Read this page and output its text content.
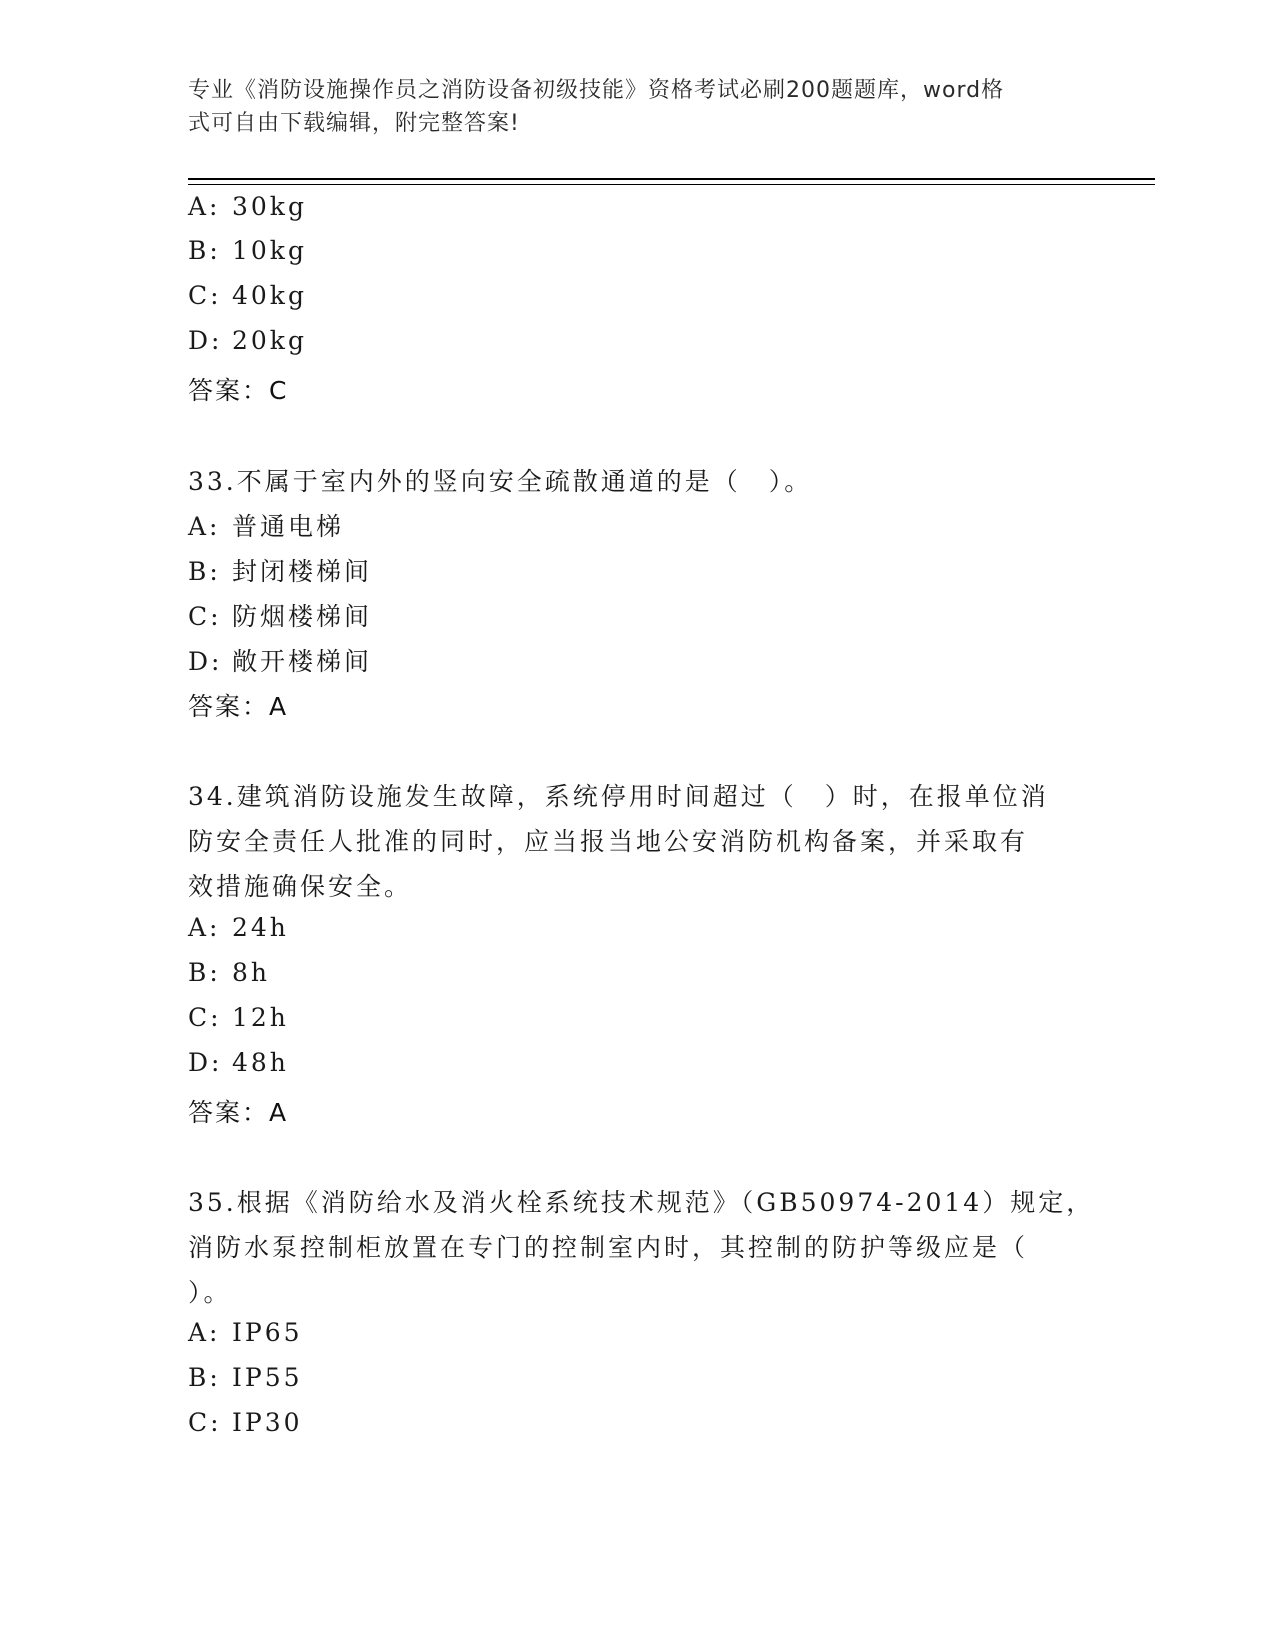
专业《消防设施操作员之消防设备初级技能》资格考试必刷200题题库，word格
式可自由下载编辑，附完整答案!
A: 30kg
B: 10kg
C: 40kg
D: 20kg
答案：C
33.不属于室内外的竖向安全疏散通道的是（　）。
A: 普通电梯
B: 封闭楼梯间
C: 防烟楼梯间
D: 敞开楼梯间
答案：A
34.建筑消防设施发生故障，系统停用时间超过（　）时，在报单位消
防安全责任人批准的同时，应当报当地公安消防机构备案，并采取有
效措施确保安全。
A: 24h
B: 8h
C: 12h
D: 48h
答案：A
35.根据《消防给水及消火栓系统技术规范》（GB50974-2014）规定，
消防水泵控制柜放置在专门的控制室内时，其控制的防护等级应是（
）。
A: IP65
B: IP55
C: IP30
